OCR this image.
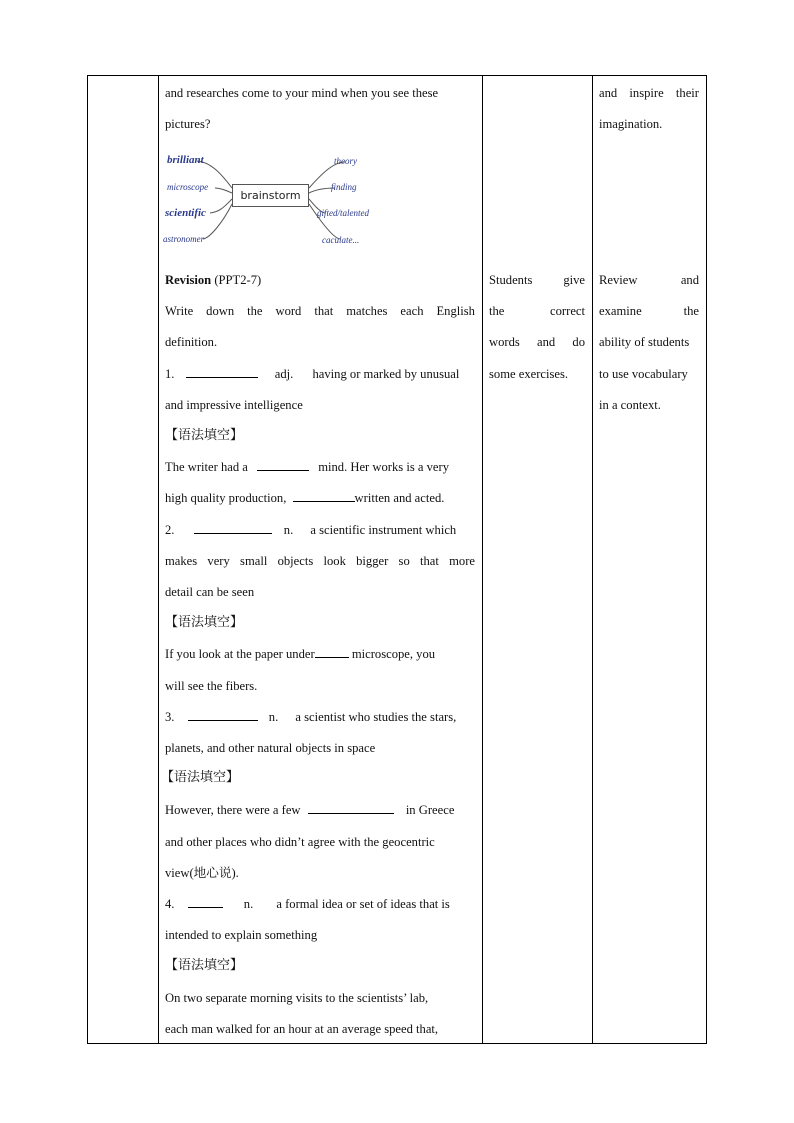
and researches come to your mind when you see these
pictures?
brilliant
microscope
scientific
astronomer
theory
finding
gifted/talented
caculate...
brainstorm
Revision (PPT2-7)
Write down the word that matches each English
definition.
1.	adj. having or marked by unusual
and impressive intelligence
【语法填空】
The writer had a	mind. Her works is a very
high quality production,	written and acted.
2.	n. a scientific instrument which
makes very small objects look bigger so that more
detail can be seen
【语法填空】
If you look at the paper under	microscope, you
will see the fibers.
3.	n. a scientist who studies the stars,
planets, and other natural objects in space
【语法填空】
However, there were a few	in Greece
and other places who didn’t agree with the geocentric
view(地心说).
4.	n. a formal idea or set of ideas that is
intended to explain something
【语法填空】
On two separate morning visits to the scientists’ lab,
each man walked for an hour at an average speed that,
Students give
the	correct
words and do
some exercises.
and inspire their
imagination.
Review	and
examine	the
ability of students
to use vocabulary
in a context.
